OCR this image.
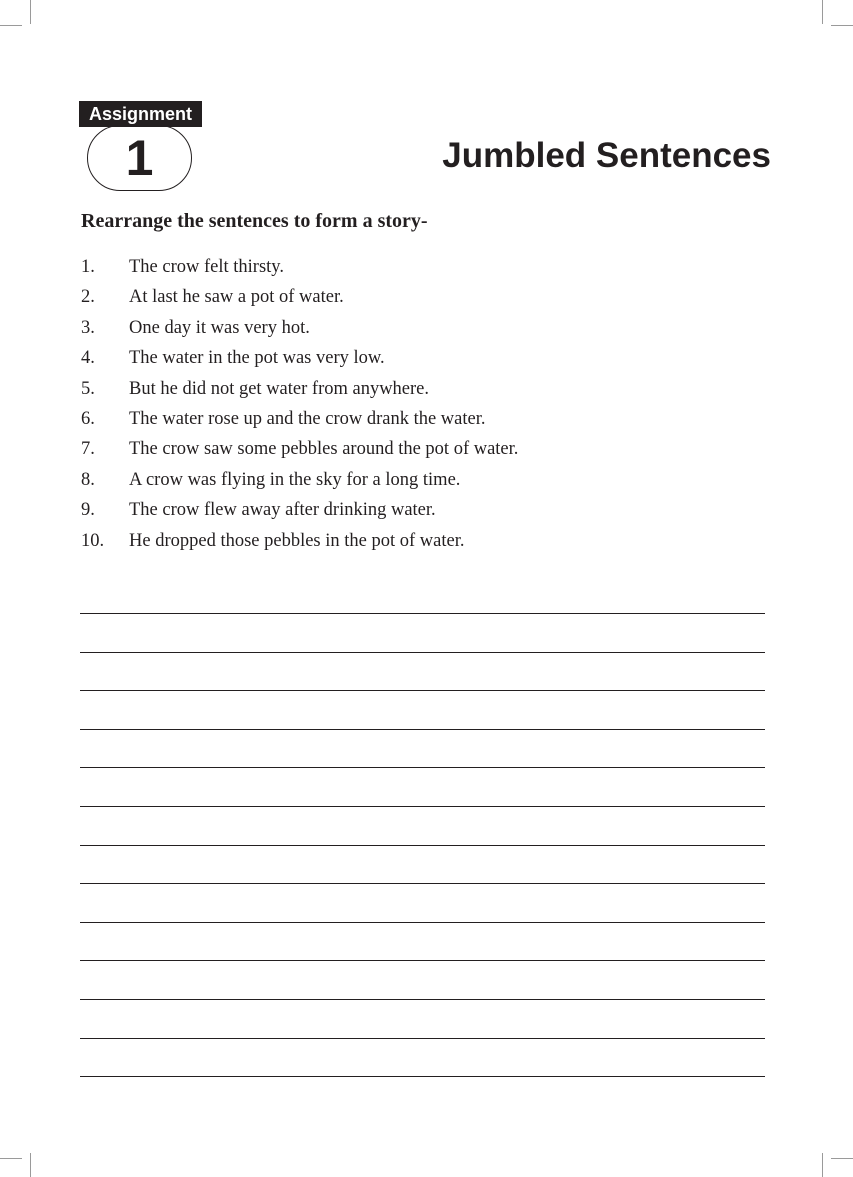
Assignment
1	Jumbled Sentences
Rearrange the sentences to form a story-
1. The crow felt thirsty.
2. At last he saw a pot of water.
3. One day it was very hot.
4. The water in the pot was very low.
5. But he did not get water from anywhere.
6. The water rose up and the crow drank the water.
7. The crow saw some pebbles around the pot of water.
8. A crow was flying in the sky for a long time.
9. The crow flew away after drinking water.
10. He dropped those pebbles in the pot of water.
